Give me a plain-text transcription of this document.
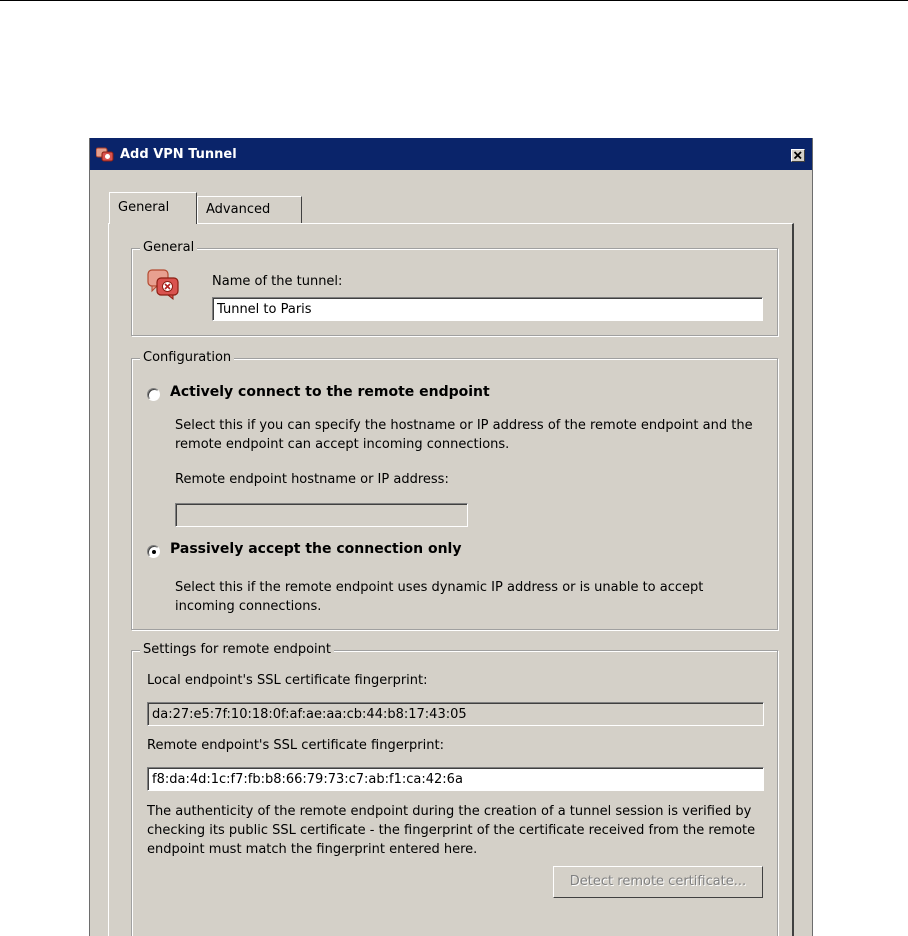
Add VPN Tunnel
General	Advanced
General
Name of the tunnel:
Tunnel to Paris
Configuration
Actively connect to the remote endpoint
Select this if you can specify the hostname or IP address of the remote endpoint and the remote endpoint can accept incoming connections.
Remote endpoint hostname or IP address:
Passively accept the connection only
Select this if the remote endpoint uses dynamic IP address or is unable to accept incoming connections.
Settings for remote endpoint
Local endpoint's SSL certificate fingerprint:
da:27:e5:7f:10:18:0f:af:ae:aa:cb:44:b8:17:43:05
Remote endpoint's SSL certificate fingerprint:
f8:da:4d:1c:f7:fb:b8:66:79:73:c7:ab:f1:ca:42:6a
The authenticity of the remote endpoint during the creation of a tunnel session is verified by checking its public SSL certificate - the fingerprint of the certificate received from the remote endpoint must match the fingerprint entered here.
Detect remote certificate...
